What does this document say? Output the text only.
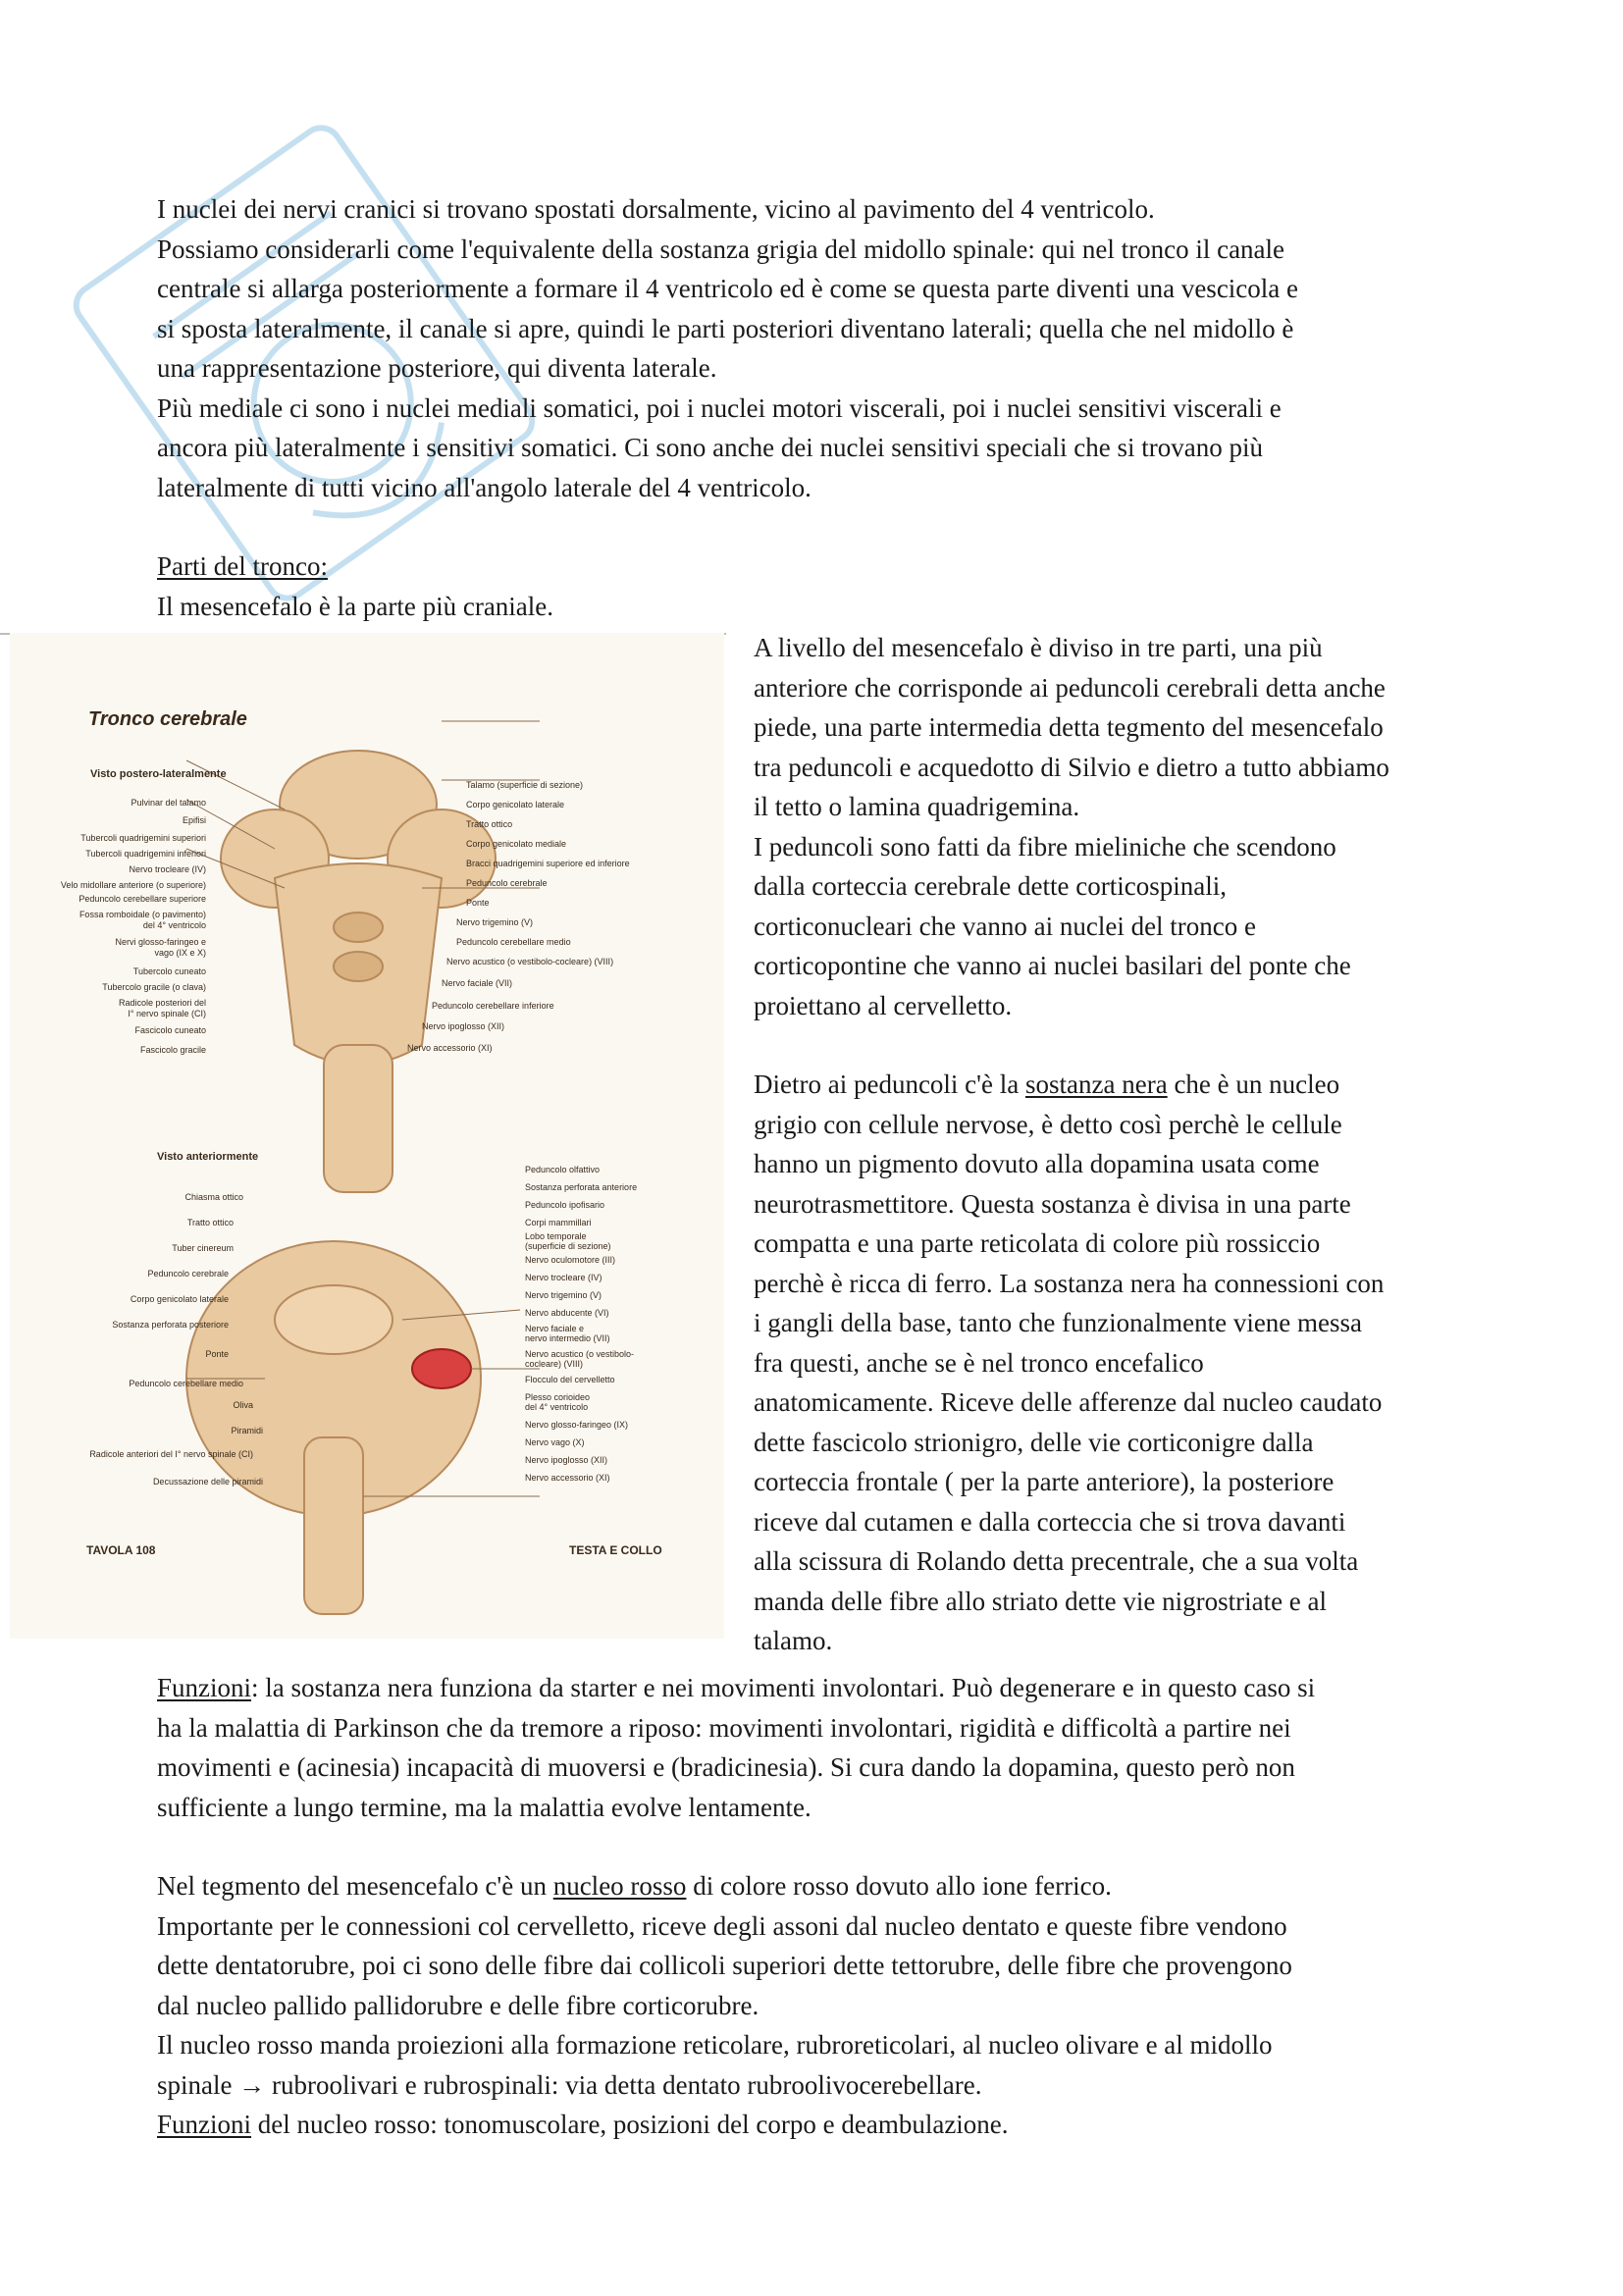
I nuclei dei nervi cranici si trovano spostati dorsalmente, vicino al pavimento del 4 ventricolo.
Possiamo considerarli come l'equivalente della sostanza grigia del midollo spinale: qui nel tronco il canale
centrale si allarga posteriormente a formare il 4 ventricolo ed è come se questa parte diventi una vescicola e
si sposta lateralmente, il canale si apre, quindi le parti posteriori diventano laterali; quella che nel midollo è
una rappresentazione posteriore, qui diventa laterale.
Più mediale ci sono i nuclei mediali somatici, poi i nuclei motori viscerali, poi i nuclei sensitivi viscerali e
ancora più lateralmente i sensitivi somatici. Ci sono anche dei nuclei sensitivi speciali che si trovano più
lateralmente di tutti vicino all'angolo laterale del 4 ventricolo.
Parti del tronco:
Il mesencefalo è la parte più craniale.
Tronco cerebrale
Visto postero-lateralmente
Visto anteriormente
Pulvinar del talamo
Epifisi
Tubercoli quadrigemini superiori
Tubercoli quadrigemini inferiori
Nervo trocleare (IV)
Velo midollare anteriore (o superiore)
Peduncolo cerebellare superiore
Fossa romboidale (o pavimento)
del 4° ventricolo
Nervi glosso-faringeo e
vago (IX e X)
Tubercolo cuneato
Tubercolo gracile (o clava)
Radicole posteriori del
I° nervo spinale (CI)
Fascicolo cuneato
Fascicolo gracile
Talamo (superficie di sezione)
Corpo genicolato laterale
Tratto ottico
Corpo genicolato mediale
Bracci quadrigemini superiore ed inferiore
Peduncolo cerebrale
Ponte
Nervo trigemino (V)
Peduncolo cerebellare medio
Nervo acustico (o vestibolo-cocleare) (VIII)
Nervo faciale (VII)
Peduncolo cerebellare inferiore
Nervo ipoglosso (XII)
Nervo accessorio (XI)
Chiasma ottico
Tratto ottico
Tuber cinereum
Peduncolo cerebrale
Corpo genicolato laterale
Sostanza perforata posteriore
Ponte
Peduncolo cerebellare medio
Oliva
Piramidi
Radicole anteriori del I° nervo spinale (CI)
Decussazione delle piramidi
Peduncolo olfattivo
Sostanza perforata anteriore
Peduncolo ipofisario
Corpi mammillari
Lobo temporale
(superficie di sezione)
Nervo oculomotore (III)
Nervo trocleare (IV)
Nervo trigemino (V)
Nervo abducente (VI)
Nervo faciale e
nervo intermedio (VII)
Nervo acustico (o vestibolo-
cocleare) (VIII)
Flocculo del cervelletto
Plesso corioideo
del 4° ventricolo
Nervo glosso-faringeo (IX)
Nervo vago (X)
Nervo ipoglosso (XII)
Nervo accessorio (XI)
TAVOLA 108	TESTA E COLLO
A livello del mesencefalo è diviso in tre parti, una più
anteriore che corrisponde ai peduncoli cerebrali detta anche
piede, una parte intermedia detta tegmento del mesencefalo
tra peduncoli e acquedotto di Silvio e dietro a tutto abbiamo
il tetto o lamina quadrigemina.
I peduncoli sono fatti da fibre mieliniche che scendono
dalla corteccia cerebrale dette corticospinali,
corticonucleari che vanno ai nuclei del tronco e
corticopontine che vanno ai nuclei basilari del ponte che
proiettano al cervelletto.
Dietro ai peduncoli c'è la sostanza nera che è un nucleo
grigio con cellule nervose, è detto così perchè le cellule
hanno un pigmento dovuto alla dopamina usata come
neurotrasmettitore. Questa sostanza è divisa in una parte
compatta e una parte reticolata di colore più rossiccio
perchè è ricca di ferro. La sostanza nera ha connessioni con
i gangli della base, tanto che funzionalmente viene messa
fra questi, anche se è nel tronco encefalico
anatomicamente. Riceve delle afferenze dal nucleo caudato
dette fascicolo strionigro, delle vie corticonigre dalla
corteccia frontale ( per la parte anteriore), la posteriore
riceve dal cutamen e dalla corteccia che si trova davanti
alla scissura di Rolando detta precentrale, che a sua volta
manda delle fibre allo striato dette vie nigrostriate e al
talamo.
Funzioni: la sostanza nera funziona da starter e nei movimenti involontari. Può degenerare e in questo caso si
ha la malattia di Parkinson che da tremore a riposo: movimenti involontari, rigidità e difficoltà a partire nei
movimenti e (acinesia) incapacità di muoversi e (bradicinesia). Si cura dando la dopamina, questo però non
sufficiente a lungo termine, ma la malattia evolve lentamente.
Nel tegmento del mesencefalo c'è un nucleo rosso di colore rosso dovuto allo ione ferrico.
Importante per le connessioni col cervelletto, riceve degli assoni dal nucleo dentato e queste fibre vendono
dette dentatorubre, poi ci sono delle fibre dai collicoli superiori dette tettorubre, delle fibre che provengono
dal nucleo pallido pallidorubre e delle fibre corticorubre.
Il nucleo rosso manda proiezioni alla formazione reticolare, rubroreticolari, al nucleo olivare e al midollo
spinale → rubroolivari e rubrospinali: via detta dentato rubroolivocerebellare.
Funzioni del nucleo rosso: tonomuscolare, posizioni del corpo e deambulazione.
